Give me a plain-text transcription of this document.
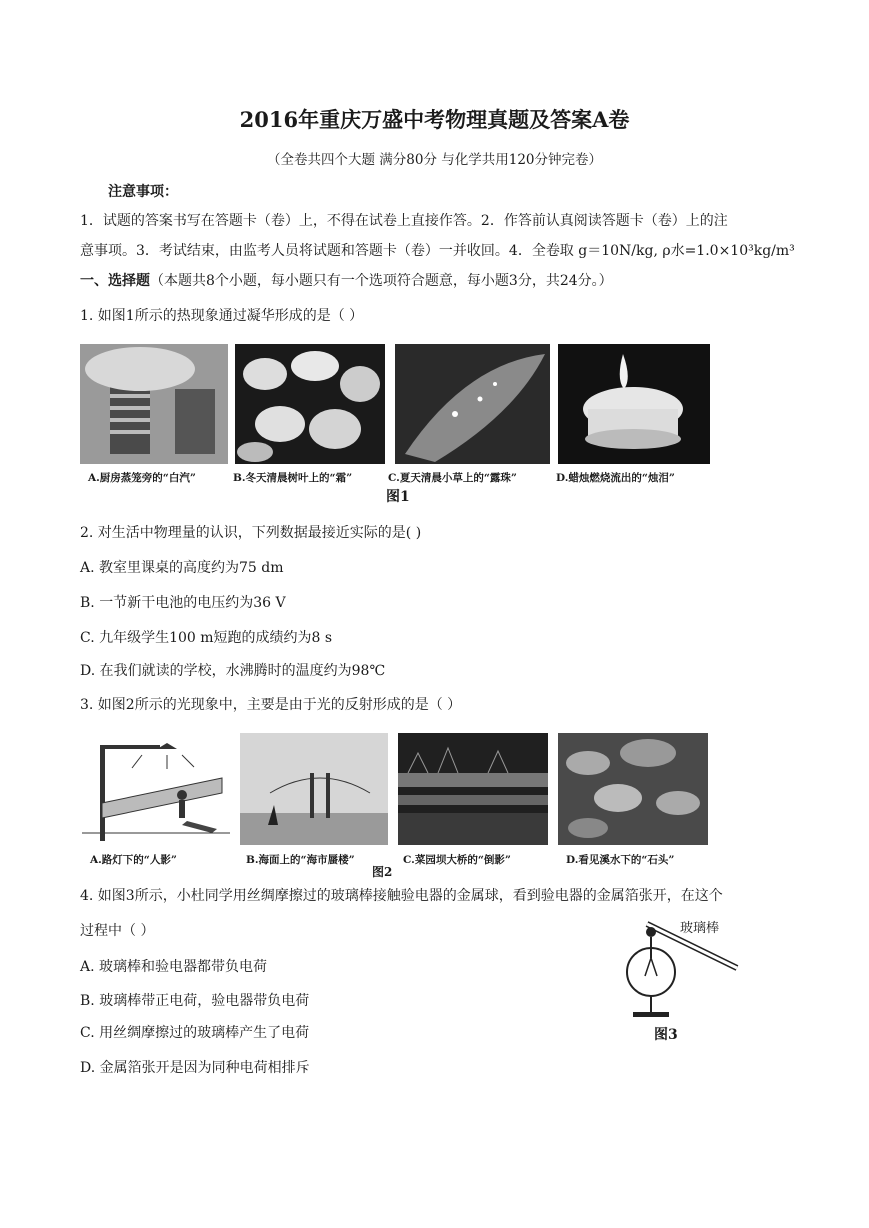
2016年重庆万盛中考物理真题及答案A卷
（全卷共四个大题 满分80分 与化学共用120分钟完卷）
注意事项：
1．试题的答案书写在答题卡（卷）上，不得在试卷上直接作答。2．作答前认真阅读答题卡（卷）上的注
意事项。3．考试结束，由监考人员将试题和答题卡（卷）一并收回。4．全卷取 g＝10N/kg, ρ水=1.0×10³kg/m³
一、选择题（本题共8个小题，每小题只有一个选项符合题意，每小题3分，共24分。）
1. 如图1所示的热现象通过凝华形成的是（ ）
A.厨房蒸笼旁的“白汽”	B.冬天清晨树叶上的“霜”	C.夏天清晨小草上的“露珠”	D.蜡烛燃烧流出的“烛泪”
图1
2. 对生活中物理量的认识，下列数据最接近实际的是( )
A. 教室里课桌的高度约为75 dm
B. 一节新干电池的电压约为36 V
C. 九年级学生100 m短跑的成绩约为8 s
D. 在我们就读的学校，水沸腾时的温度约为98℃
3. 如图2所示的光现象中，主要是由于光的反射形成的是（ ）
A.路灯下的“人影”	B.海面上的“海市蜃楼”	C.菜园坝大桥的“倒影”	D.看见溪水下的“石头”
图2
4. 如图3所示，小杜同学用丝绸摩擦过的玻璃棒接触验电器的金属球，看到验电器的金属箔张开，在这个
过程中（ ）
A. 玻璃棒和验电器都带负电荷
B. 玻璃棒带正电荷，验电器带负电荷
C. 用丝绸摩擦过的玻璃棒产生了电荷
D. 金属箔张开是因为同种电荷相排斥
玻璃棒
图3
